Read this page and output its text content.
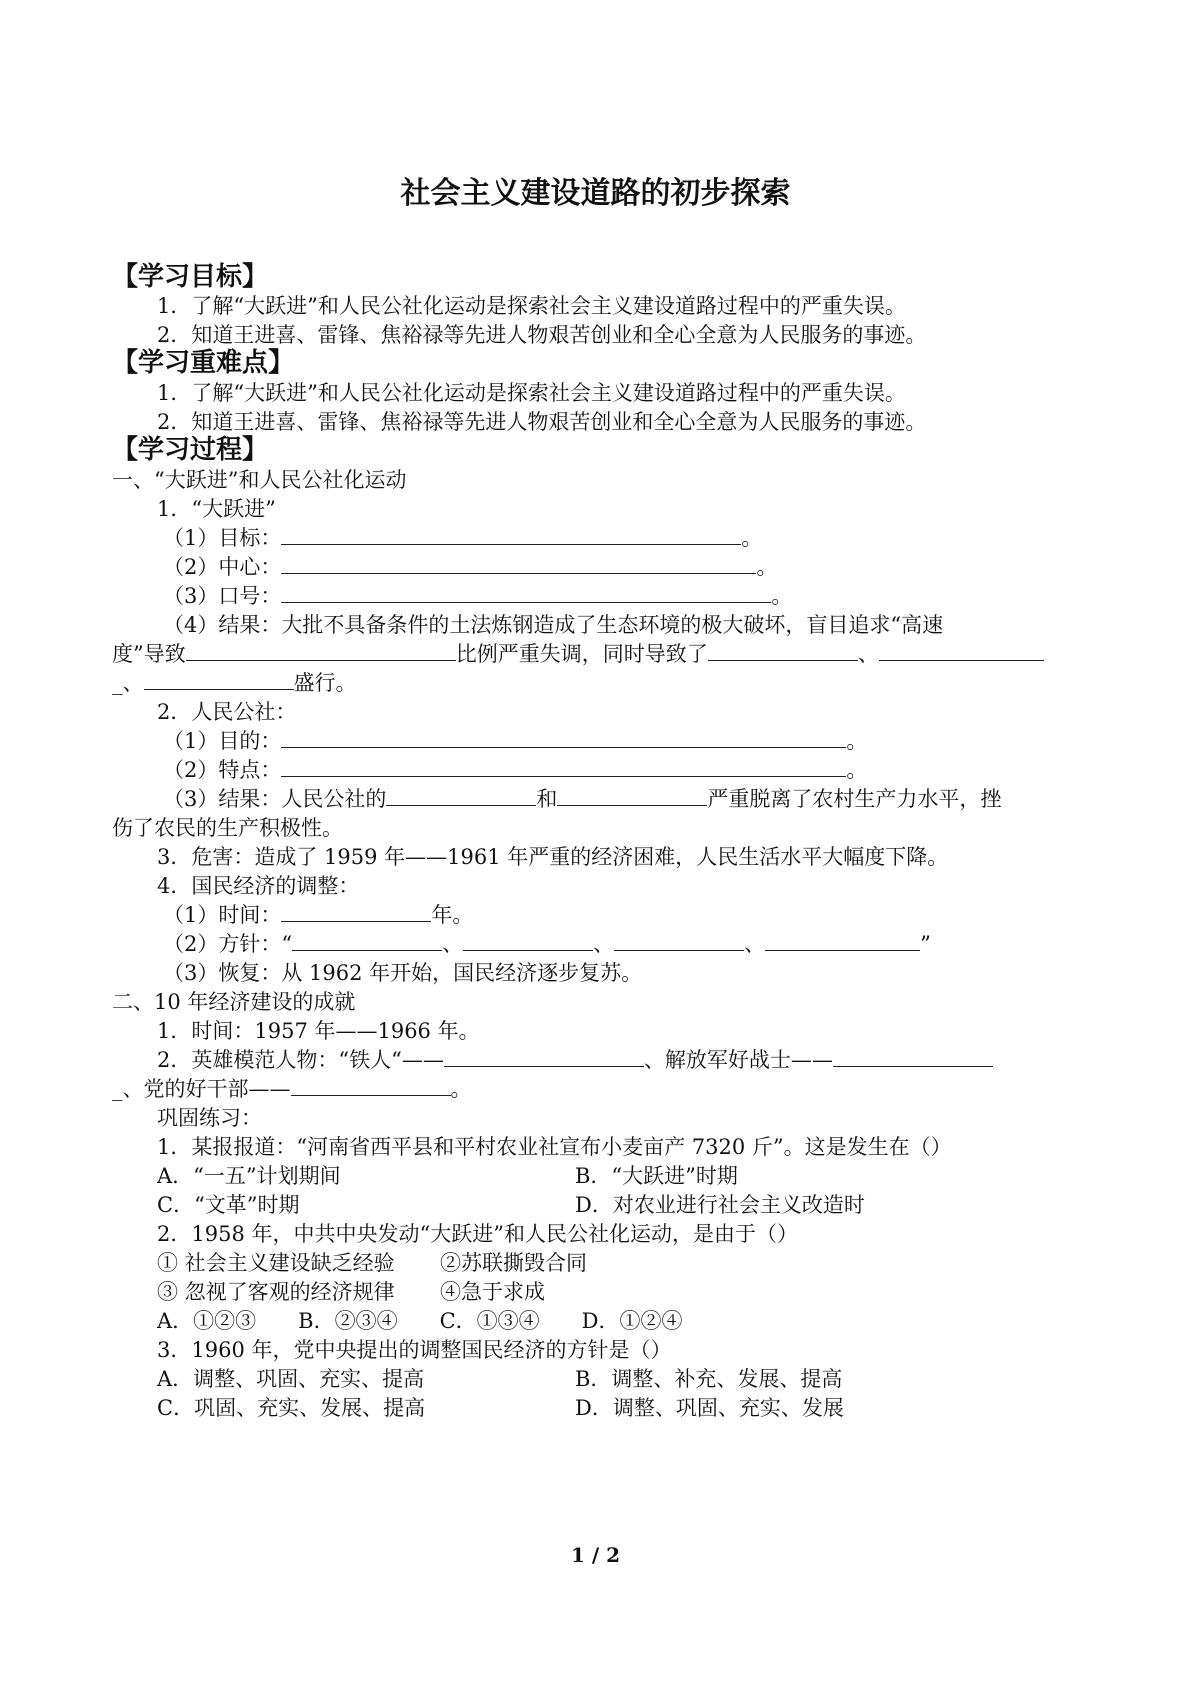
社会主义建设道路的初步探索
【学习目标】
1．了解“大跃进”和人民公社化运动是探索社会主义建设道路过程中的严重失误。
2．知道王进喜、雷锋、焦裕禄等先进人物艰苦创业和全心全意为人民服务的事迹。
【学习重难点】
1．了解“大跃进”和人民公社化运动是探索社会主义建设道路过程中的严重失误。
2．知道王进喜、雷锋、焦裕禄等先进人物艰苦创业和全心全意为人民服务的事迹。
【学习过程】
一、“大跃进”和人民公社化运动
1．“大跃进”
（1）目标：	。
（2）中心：	。
（3）口号：	。
（4）结果：大批不具备条件的土法炼钢造成了生态环境的极大破坏，盲目追求“高速
度”导致	比例严重失调，同时导致了	、
_、	盛行。
2．人民公社：
（1）目的：	。
（2）特点：	。
（3）结果：人民公社的	和	严重脱离了农村生产力水平，挫
伤了农民的生产积极性。
3．危害：造成了 1959 年——1961 年严重的经济困难，人民生活水平大幅度下降。
4．国民经济的调整：
（1）时间：	年。
（2）方针：“	、	、	、	”
（3）恢复：从 1962 年开始，国民经济逐步复苏。
二、10 年经济建设的成就
1．时间：1957 年——1966 年。
2．英雄模范人物：“铁人“——	、解放军好战士——
_、党的好干部——	。
巩固练习：
1．某报报道：“河南省西平县和平村农业社宣布小麦亩产 7320 斤”。这是发生在（）
A．“一五”计划期间	B．“大跃进”时期
C．“文革”时期	D．对农业进行社会主义改造时
2．1958 年，中共中央发动“大跃进”和人民公社化运动，是由于（）
① 社会主义建设缺乏经验 ②苏联撕毁合同
③ 忽视了客观的经济规律 ④急于求成
A．①②③　　B．②③④　　C．①③④　　D．①②④
3．1960 年，党中央提出的调整国民经济的方针是（）
A．调整、巩固、充实、提高	B．调整、补充、发展、提高
C．巩固、充实、发展、提高	D．调整、巩固、充实、发展
1 / 2
